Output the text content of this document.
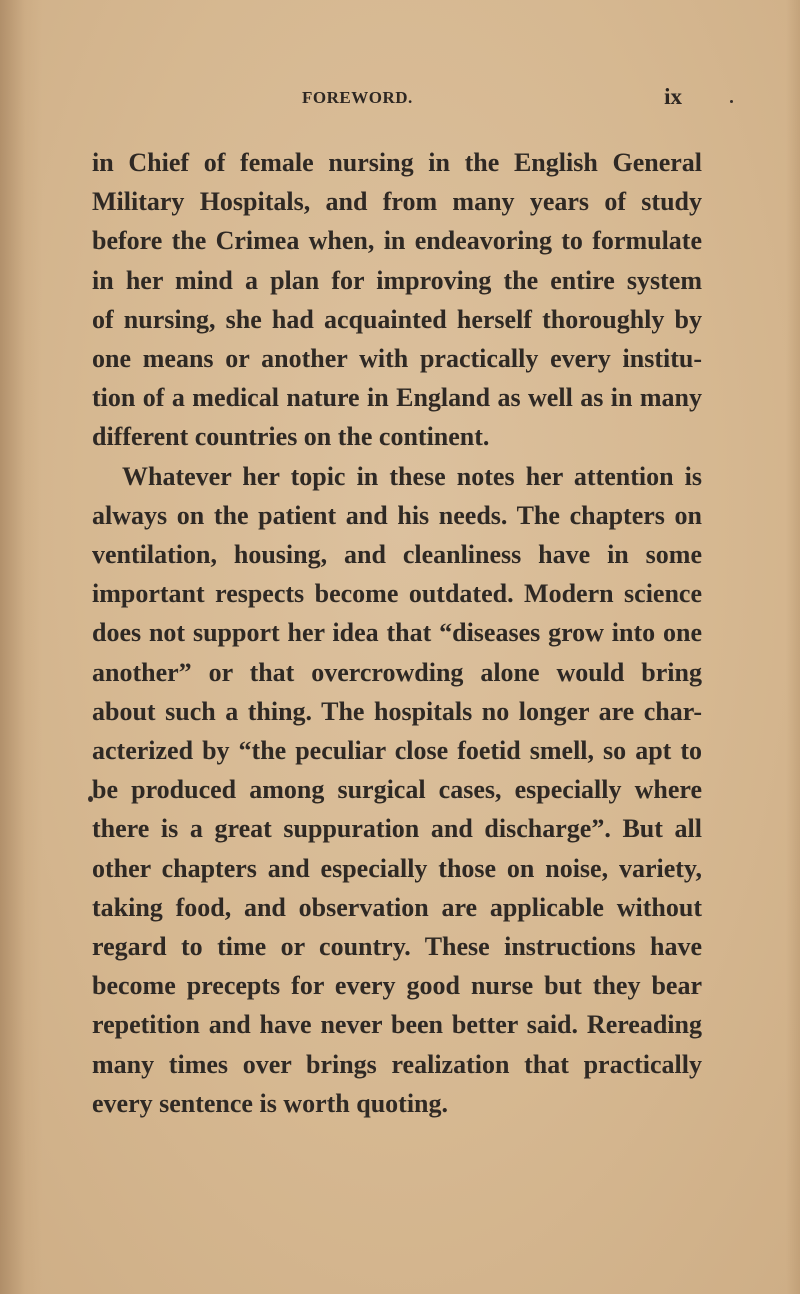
FOREWORD.	ix
in Chief of female nursing in the English General
Military Hospitals, and from many years of study
before the Crimea when, in endeavoring to formulate
in her mind a plan for improving the entire system
of nursing, she had acquainted herself thoroughly by
one means or another with practically every institu-
tion of a medical nature in England as well as in many
different countries on the continent.
Whatever her topic in these notes her attention is
always on the patient and his needs. The chapters on
ventilation, housing, and cleanliness have in some
important respects become outdated. Modern science
does not support her idea that “diseases grow into one
another” or that overcrowding alone would bring
about such a thing. The hospitals no longer are char-
acterized by “the peculiar close foetid smell, so apt to
be produced among surgical cases, especially where
there is a great suppuration and discharge”. But all
other chapters and especially those on noise, variety,
taking food, and observation are applicable without
regard to time or country. These instructions have
become precepts for every good nurse but they bear
repetition and have never been better said. Rereading
many times over brings realization that practically
every sentence is worth quoting.
